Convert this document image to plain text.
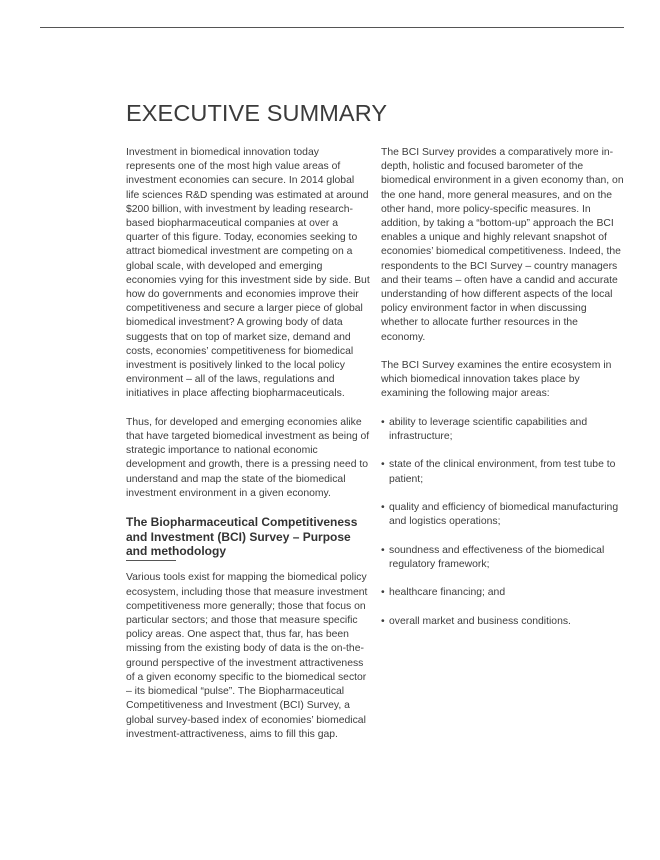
EXECUTIVE SUMMARY

Investment in biomedical innovation today represents one of the most high value areas of investment economies can secure. In 2014 global life sciences R&D spending was estimated at around $200 billion, with investment by leading research-based biopharmaceutical companies at over a quarter of this figure. Today, economies seeking to attract biomedical investment are competing on a global scale, with developed and emerging economies vying for this investment side by side. But how do governments and economies improve their competitiveness and secure a larger piece of global biomedical investment? A growing body of data suggests that on top of market size, demand and costs, economies’ competitiveness for biomedical investment is positively linked to the local policy environment – all of the laws, regulations and initiatives in place affecting biopharmaceuticals.

Thus, for developed and emerging economies alike that have targeted biomedical investment as being of strategic importance to national economic development and growth, there is a pressing need to understand and map the state of the biomedical investment environment in a given economy.

The Biopharmaceutical Competitiveness and Investment (BCI) Survey – Purpose and methodology

Various tools exist for mapping the biomedical policy ecosystem, including those that measure investment competitiveness more generally; those that focus on particular sectors; and those that measure specific policy areas. One aspect that, thus far, has been missing from the existing body of data is the on-the-ground perspective of the investment attractiveness of a given economy specific to the biomedical sector – its biomedical “pulse”. The Biopharmaceutical Competitiveness and Investment (BCI) Survey, a global survey-based index of economies’ biomedical investment-attractiveness, aims to fill this gap.

The BCI Survey provides a comparatively more in-depth, holistic and focused barometer of the biomedical environment in a given economy than, on the one hand, more general measures, and on the other hand, more policy-specific measures. In addition, by taking a “bottom-up” approach the BCI enables a unique and highly relevant snapshot of economies’ biomedical competitiveness. Indeed, the respondents to the BCI Survey – country managers and their teams – often have a candid and accurate understanding of how different aspects of the local policy environment factor in when discussing whether to allocate further resources in the economy.

The BCI Survey examines the entire ecosystem in which biomedical innovation takes place by examining the following major areas:

• ability to leverage scientific capabilities and infrastructure;
• state of the clinical environment, from test tube to patient;
• quality and efficiency of biomedical manufacturing and logistics operations;
• soundness and effectiveness of the biomedical regulatory framework;
• healthcare financing; and
• overall market and business conditions.
